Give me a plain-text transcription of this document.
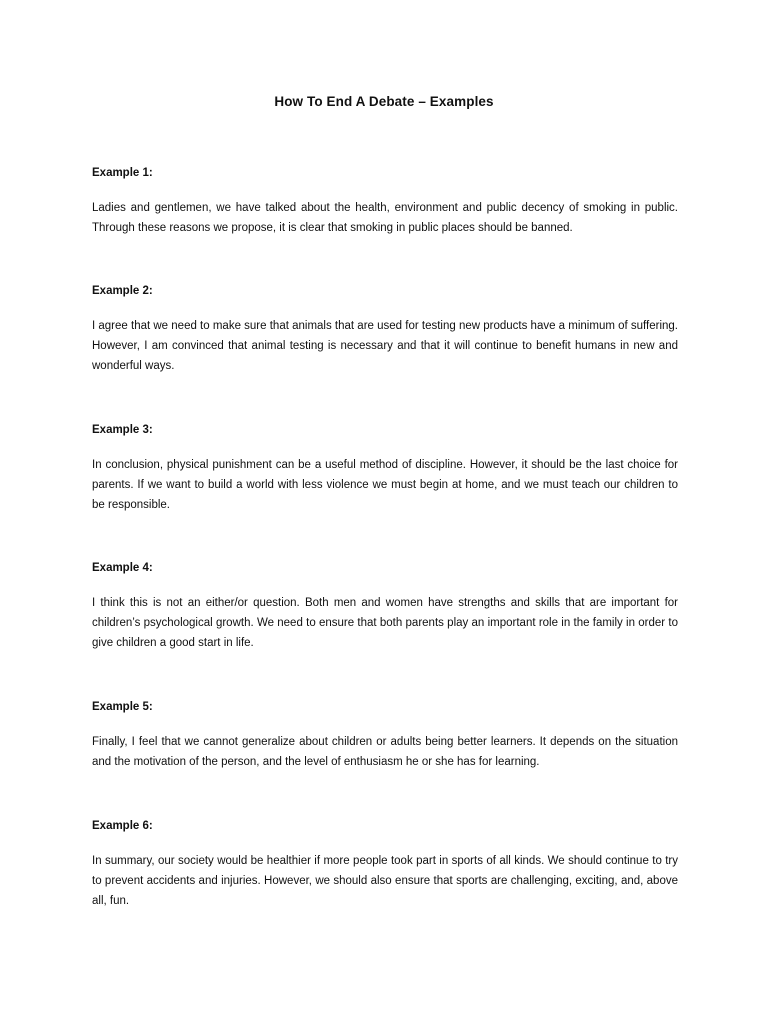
How To End A Debate – Examples

Example 1:

Ladies and gentlemen, we have talked about the health, environment and public decency of smoking in public. Through these reasons we propose, it is clear that smoking in public places should be banned.

Example 2:

I agree that we need to make sure that animals that are used for testing new products have a minimum of suffering. However, I am convinced that animal testing is necessary and that it will continue to benefit humans in new and wonderful ways.

Example 3:

In conclusion, physical punishment can be a useful method of discipline. However, it should be the last choice for parents. If we want to build a world with less violence we must begin at home, and we must teach our children to be responsible.

Example 4:

I think this is not an either/or question. Both men and women have strengths and skills that are important for children’s psychological growth. We need to ensure that both parents play an important role in the family in order to give children a good start in life.

Example 5:

Finally, I feel that we cannot generalize about children or adults being better learners. It depends on the situation and the motivation of the person, and the level of enthusiasm he or she has for learning.

Example 6:

In summary, our society would be healthier if more people took part in sports of all kinds. We should continue to try to prevent accidents and injuries. However, we should also ensure that sports are challenging, exciting, and, above all, fun.
